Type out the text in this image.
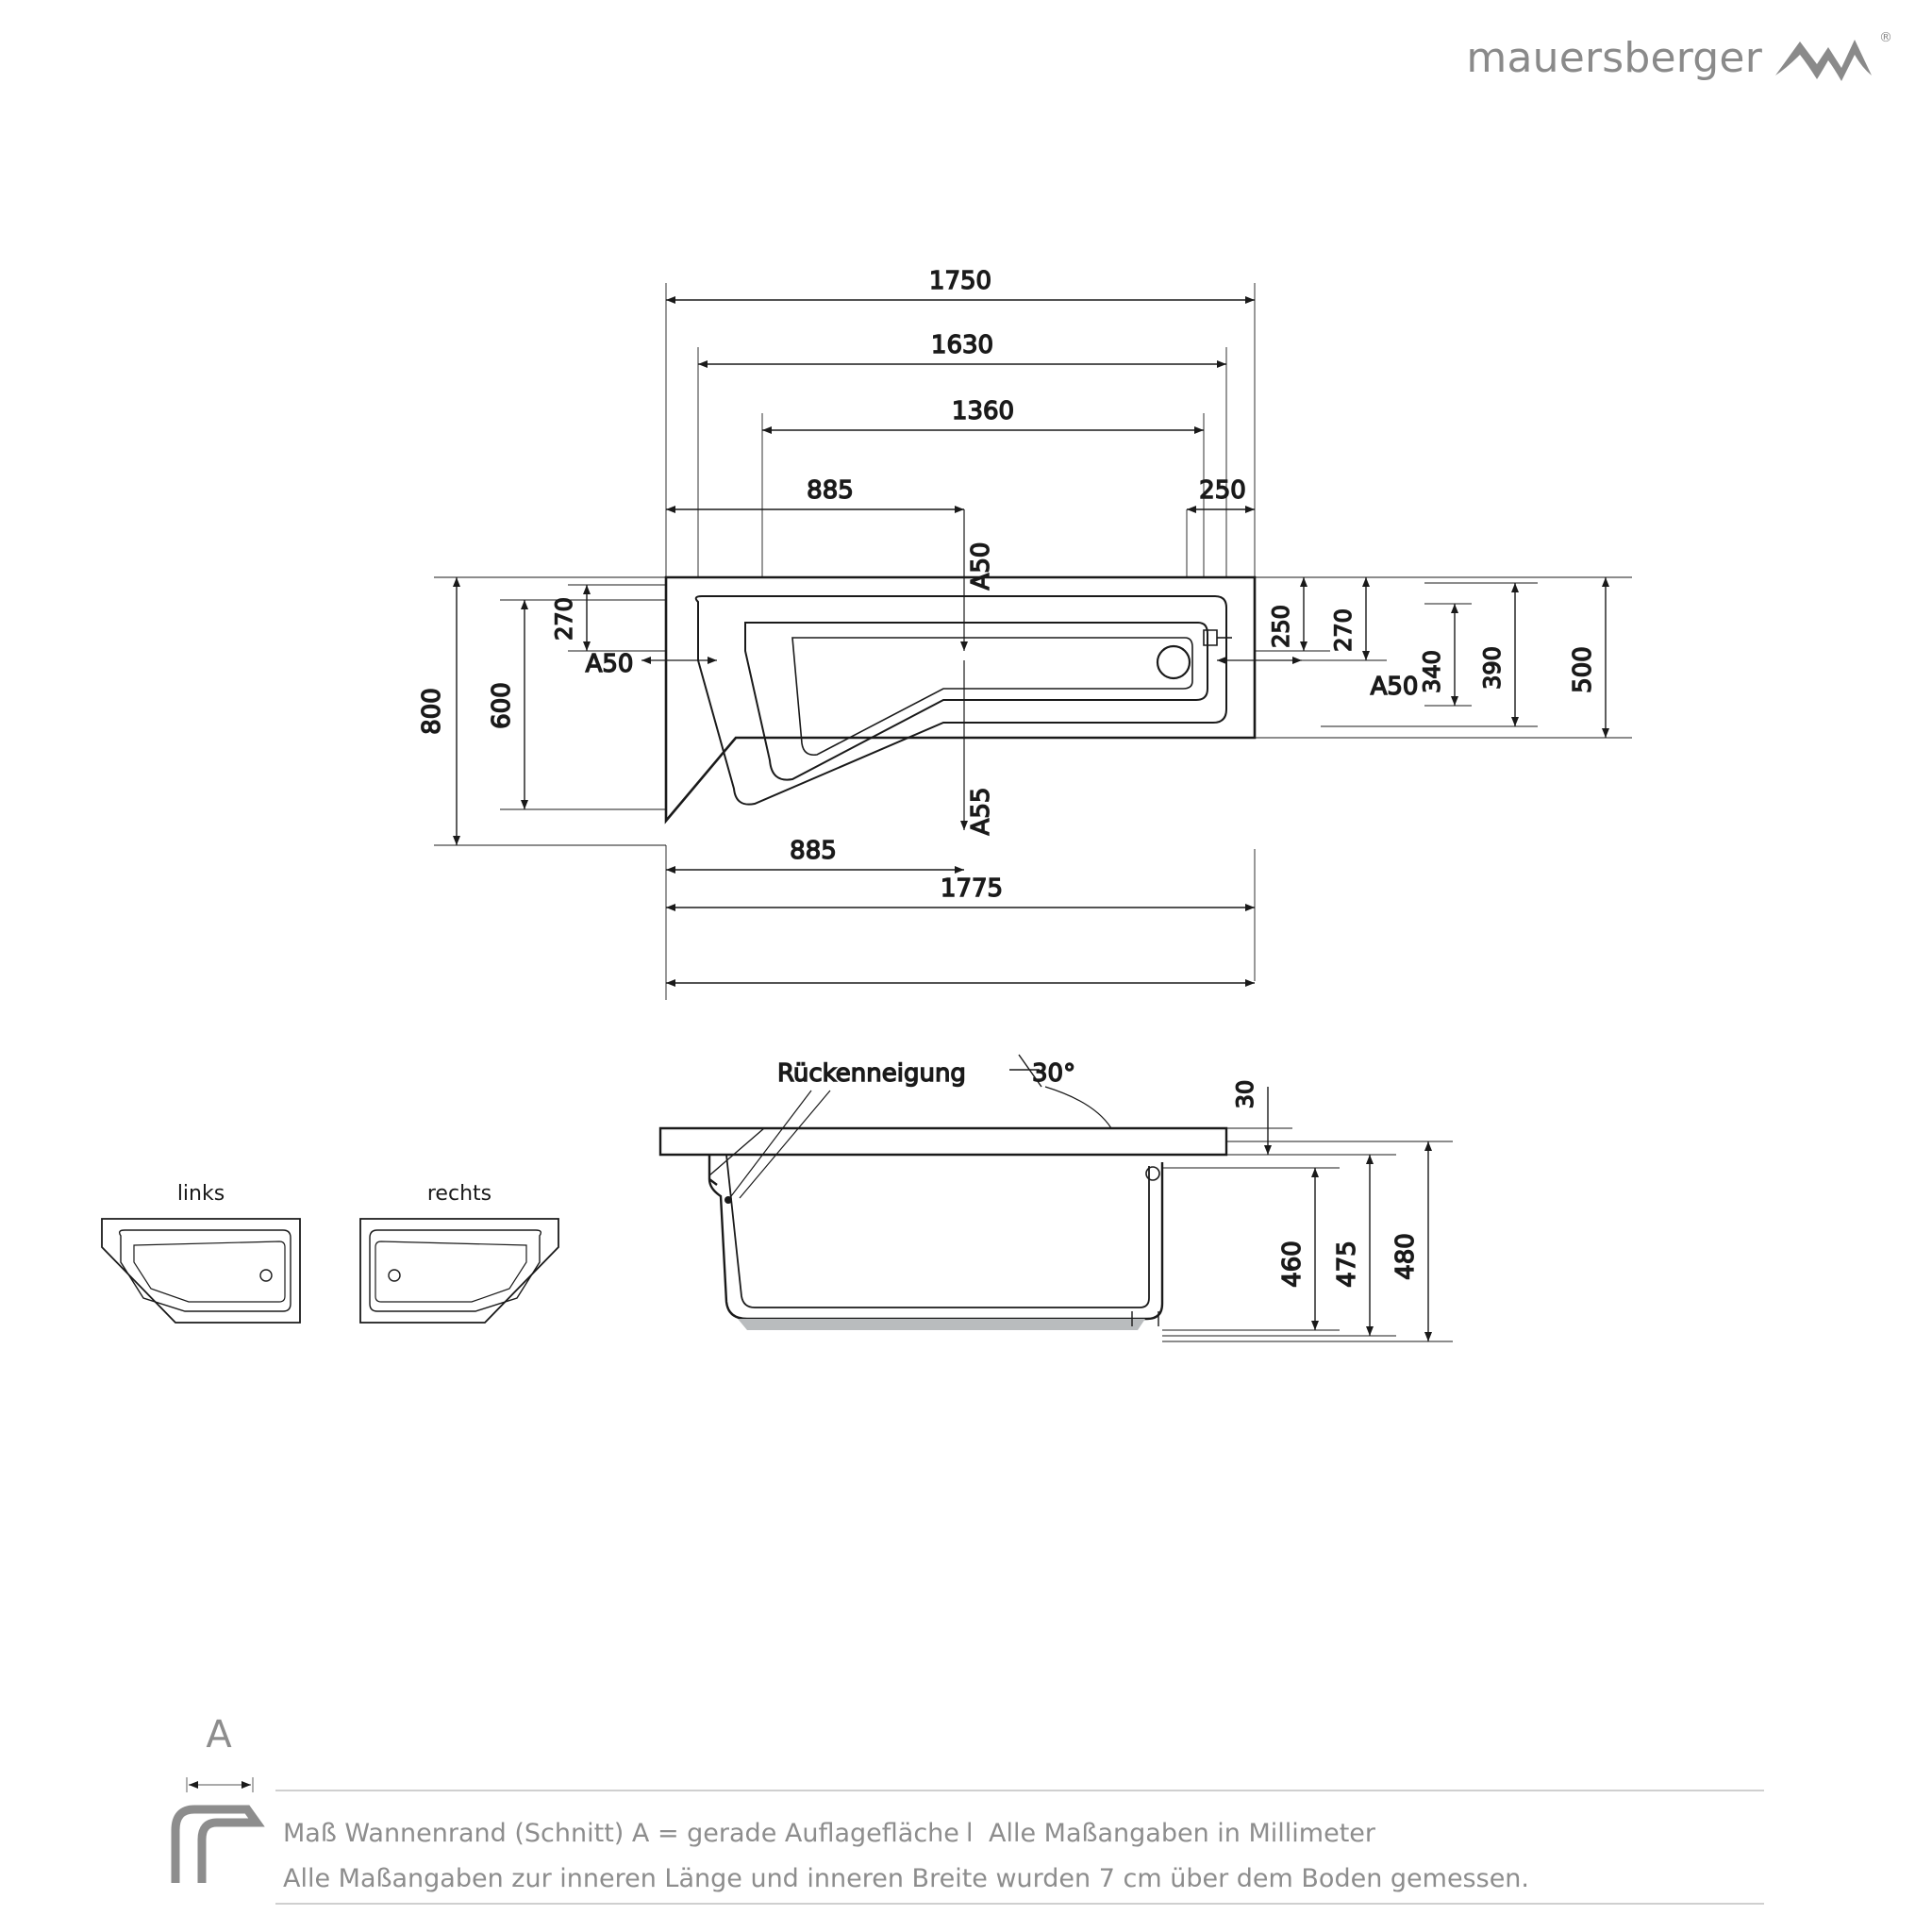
mauersberger	®
1750
1630
1360
885	250
A50
A55
800 600
270
A50
250 270
A50 340 390	500
885
1775
Rückenneigung	30°
30
460 475 480
links	rechts
A
Maß Wannenrand (Schnitt) A = gerade Auflagefläche l Alle Maßangaben in Millimeter
Alle Maßangaben zur inneren Länge und inneren Breite wurden 7 cm über dem Boden gemessen.
